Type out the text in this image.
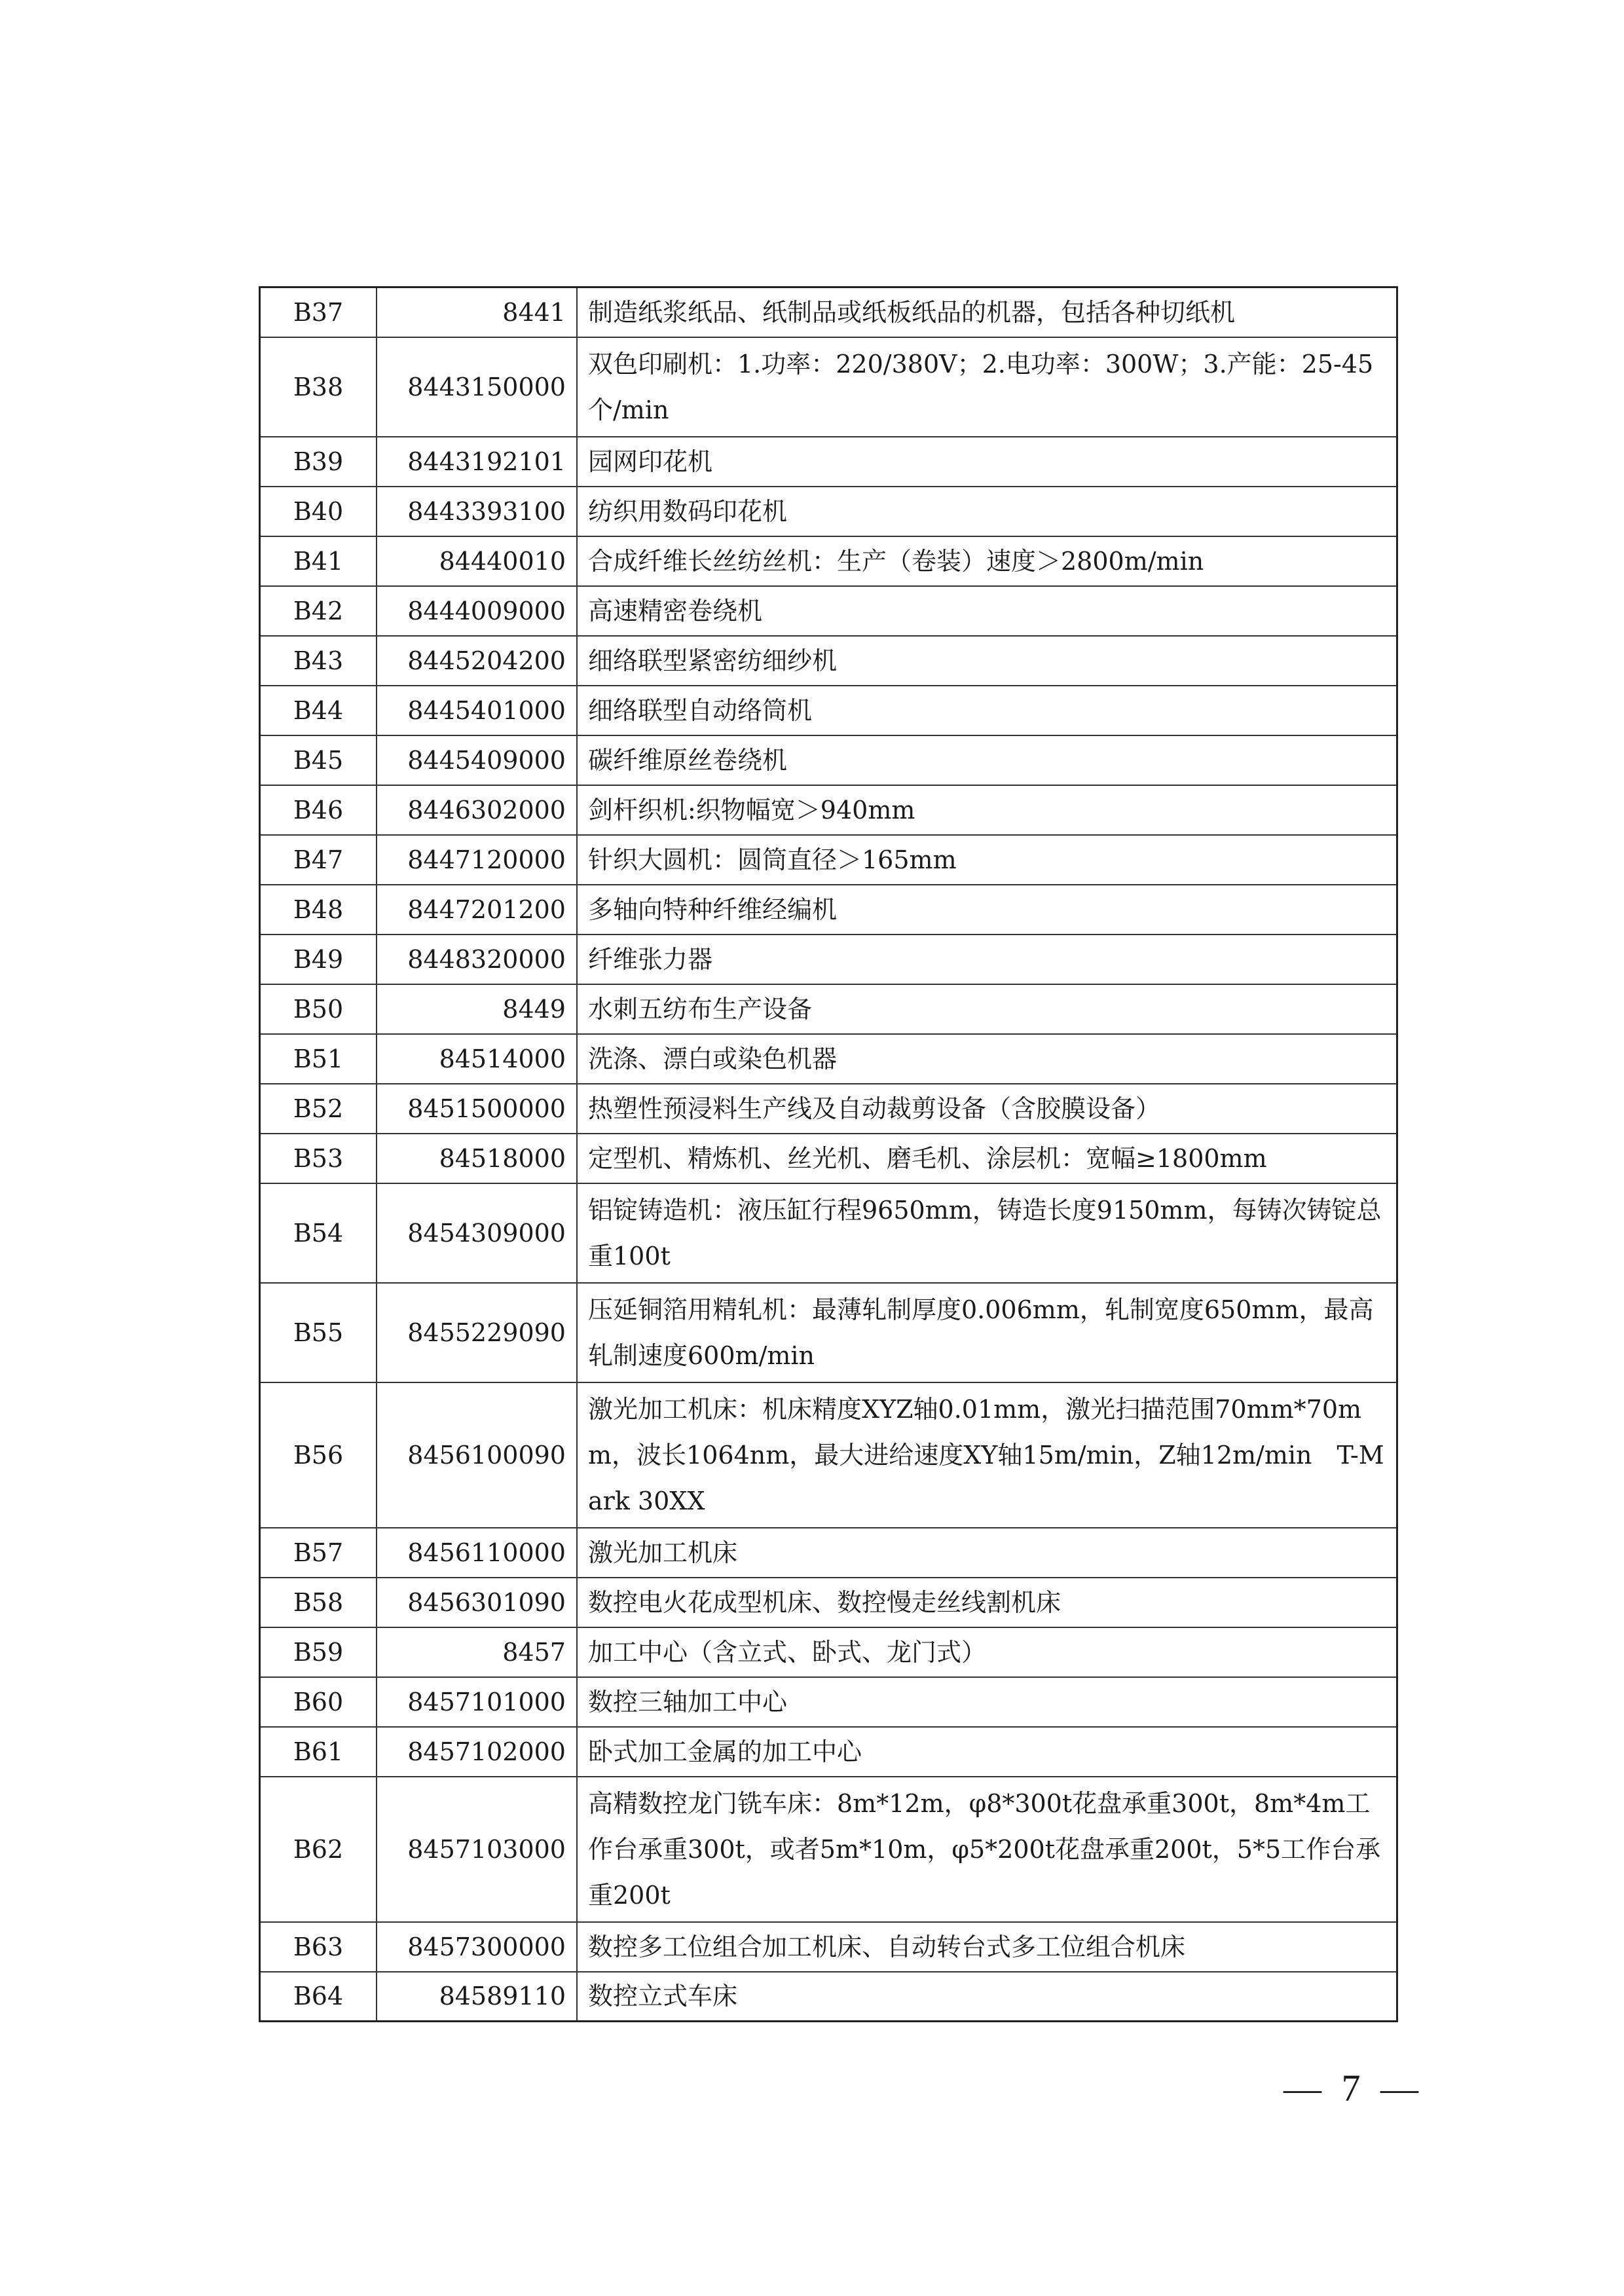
B37	8441	制造纸浆纸品、纸制品或纸板纸品的机器，包括各种切纸机
B38	8443150000	双色印刷机：1.功率：220/380V；2.电功率：300W；3.产能：25-45个/min
B39	8443192101	园网印花机
B40	8443393100	纺织用数码印花机
B41	84440010	合成纤维长丝纺丝机：生产（卷装）速度＞2800m/min
B42	8444009000	高速精密卷绕机
B43	8445204200	细络联型紧密纺细纱机
B44	8445401000	细络联型自动络筒机
B45	8445409000	碳纤维原丝卷绕机
B46	8446302000	剑杆织机:织物幅宽＞940mm
B47	8447120000	针织大圆机：圆筒直径＞165mm
B48	8447201200	多轴向特种纤维经编机
B49	8448320000	纤维张力器
B50	8449	水刺五纺布生产设备
B51	84514000	洗涤、漂白或染色机器
B52	8451500000	热塑性预浸料生产线及自动裁剪设备（含胶膜设备）
B53	84518000	定型机、精炼机、丝光机、磨毛机、涂层机：宽幅≥1800mm
B54	8454309000	铝锭铸造机：液压缸行程9650mm，铸造长度9150mm，每铸次铸锭总重100t
B55	8455229090	压延铜箔用精轧机：最薄轧制厚度0.006mm，轧制宽度650mm，最高轧制速度600m/min
B56	8456100090	激光加工机床：机床精度XYZ轴0.01mm，激光扫描范围70mm*70mm，波长1064nm，最大进给速度XY轴15m/min，Z轴12m/min　T-Mark 30XX
B57	8456110000	激光加工机床
B58	8456301090	数控电火花成型机床、数控慢走丝线割机床
B59	8457	加工中心（含立式、卧式、龙门式）
B60	8457101000	数控三轴加工中心
B61	8457102000	卧式加工金属的加工中心
B62	8457103000	高精数控龙门铣车床：8m*12m，φ8*300t花盘承重300t，8m*4m工作台承重300t，或者5m*10m，φ5*200t花盘承重200t，5*5工作台承重200t
B63	8457300000	数控多工位组合加工机床、自动转台式多工位组合机床
B64	84589110	数控立式车床
— 7 —
